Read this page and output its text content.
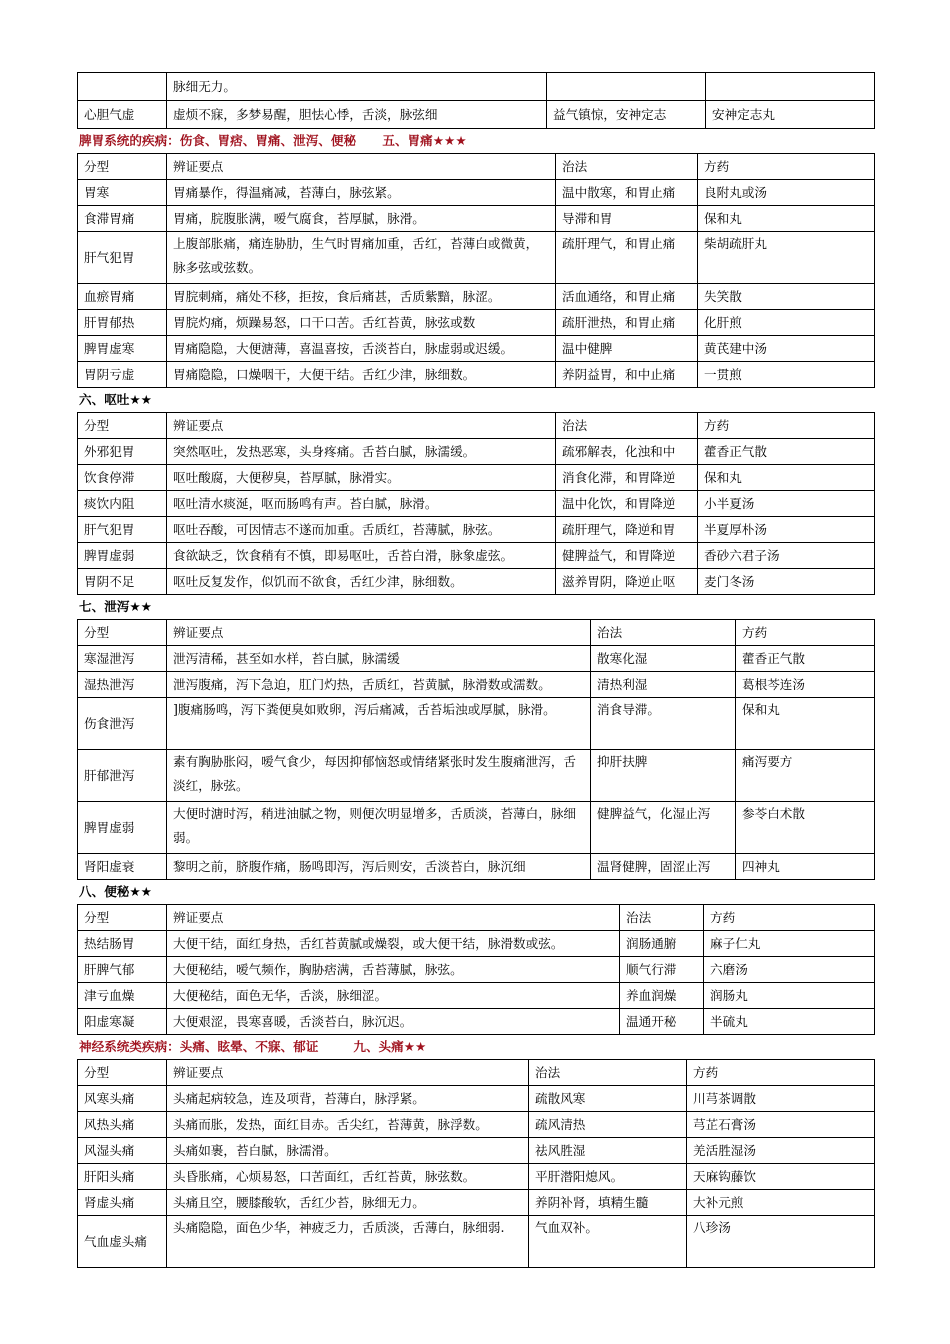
	脉细无力。		
心胆气虚	虚烦不寐，多梦易醒，胆怯心悸，舌淡，脉弦细	益气镇惊，安神定志	安神定志丸
脾胃系统的疾病：伤食、胃痞、胃痛、泄泻、便秘      五、胃痛★★★
分型	辨证要点	治法	方药
胃寒	胃痛暴作，得温痛减，苔薄白，脉弦紧。	温中散寒，和胃止痛	良附丸或汤
食滞胃痛	胃痛，脘腹胀满，嗳气腐食，苔厚腻，脉滑。	导滞和胃	保和丸
肝气犯胃	上腹部胀痛，痛连胁肋，生气时胃痛加重，舌红，苔薄白或微黄，脉多弦或弦数。	疏肝理气，和胃止痛	柴胡疏肝丸
血瘀胃痛	胃脘刺痛，痛处不移，拒按，食后痛甚，舌质紫黯，脉涩。	活血通络，和胃止痛	失笑散
肝胃郁热	胃脘灼痛，烦躁易怒，口干口苦。舌红苔黄，脉弦或数	疏肝泄热，和胃止痛	化肝煎
脾胃虚寒	胃痛隐隐，大便溏薄，喜温喜按，舌淡苔白，脉虚弱或迟缓。	温中健脾	黄芪建中汤
胃阴亏虚	胃痛隐隐，口燥咽干，大便干结。舌红少津，脉细数。	养阴益胃，和中止痛	一贯煎
六、呕吐★★
分型	辨证要点	治法	方药
外邪犯胃	突然呕吐，发热恶寒，头身疼痛。舌苔白腻，脉濡缓。	疏邪解表，化浊和中	藿香正气散
饮食停滞	呕吐酸腐，大便秽臭，苔厚腻，脉滑实。	消食化滞，和胃降逆	保和丸
痰饮内阻	呕吐清水痰涎，呕而肠鸣有声。苔白腻，脉滑。	温中化饮，和胃降逆	小半夏汤
肝气犯胃	呕吐吞酸，可因情志不遂而加重。舌质红，苔薄腻，脉弦。	疏肝理气，降逆和胃	半夏厚朴汤
脾胃虚弱	食欲缺乏，饮食稍有不慎，即易呕吐，舌苔白滑，脉象虚弦。	健脾益气，和胃降逆	香砂六君子汤
胃阴不足	呕吐反复发作，似饥而不欲食，舌红少津，脉细数。	滋养胃阴，降逆止呕	麦门冬汤
七、泄泻★★
分型	辨证要点	治法	方药
寒湿泄泻	泄泻清稀，甚至如水样，苔白腻，脉濡缓	散寒化湿	藿香正气散
湿热泄泻	泄泻腹痛，泻下急迫，肛门灼热，舌质红，苔黄腻，脉滑数或濡数。	清热利湿	葛根芩连汤
伤食泄泻	]腹痛肠鸣，泻下粪便臭如败卵，泻后痛减，舌苔垢浊或厚腻，脉滑。	消食导滞。	保和丸
肝郁泄泻	素有胸胁胀闷，嗳气食少，每因抑郁恼怒或情绪紧张时发生腹痛泄泻，舌淡红，脉弦。	抑肝扶脾	痛泻要方
脾胃虚弱	大便时溏时泻，稍进油腻之物，则便次明显增多，舌质淡，苔薄白，脉细弱。	健脾益气，化湿止泻	参苓白术散
肾阳虚衰	黎明之前，脐腹作痛，肠鸣即泻，泻后则安，舌淡苔白，脉沉细	温肾健脾，固涩止泻	四神丸
八、便秘★★
分型	辨证要点	治法	方药
热结肠胃	大便干结，面红身热，舌红苔黄腻或燥裂，或大便干结，脉滑数或弦。	润肠通腑	麻子仁丸
肝脾气郁	大便秘结，嗳气频作，胸胁痞满，舌苔薄腻，脉弦。	顺气行滞	六磨汤
津亏血燥	大便秘结，面色无华，舌淡，脉细涩。	养血润燥	润肠丸
阳虚寒凝	大便艰涩，畏寒喜暖，舌淡苔白，脉沉迟。	温通开秘	半硫丸
神经系统类疾病：头痛、眩晕、不寐、郁证        九、头痛★★
分型	辨证要点	治法	方药
风寒头痛	头痛起病较急，连及项背，苔薄白，脉浮紧。	疏散风寒	川芎茶调散
风热头痛	头痛而胀，发热，面红目赤。舌尖红，苔薄黄，脉浮数。	疏风清热	芎芷石膏汤
风湿头痛	头痛如裹，苔白腻，脉濡滑。	祛风胜湿	羌活胜湿汤
肝阳头痛	头昏胀痛，心烦易怒，口苦面红，舌红苔黄，脉弦数。	平肝潜阳熄风。	天麻钩藤饮
肾虚头痛	头痛且空，腰膝酸软，舌红少苔，脉细无力。	养阴补肾，填精生髓	大补元煎
气血虚头痛	头痛隐隐，面色少华，神疲乏力，舌质淡，舌薄白，脉细弱.	气血双补。	八珍汤
